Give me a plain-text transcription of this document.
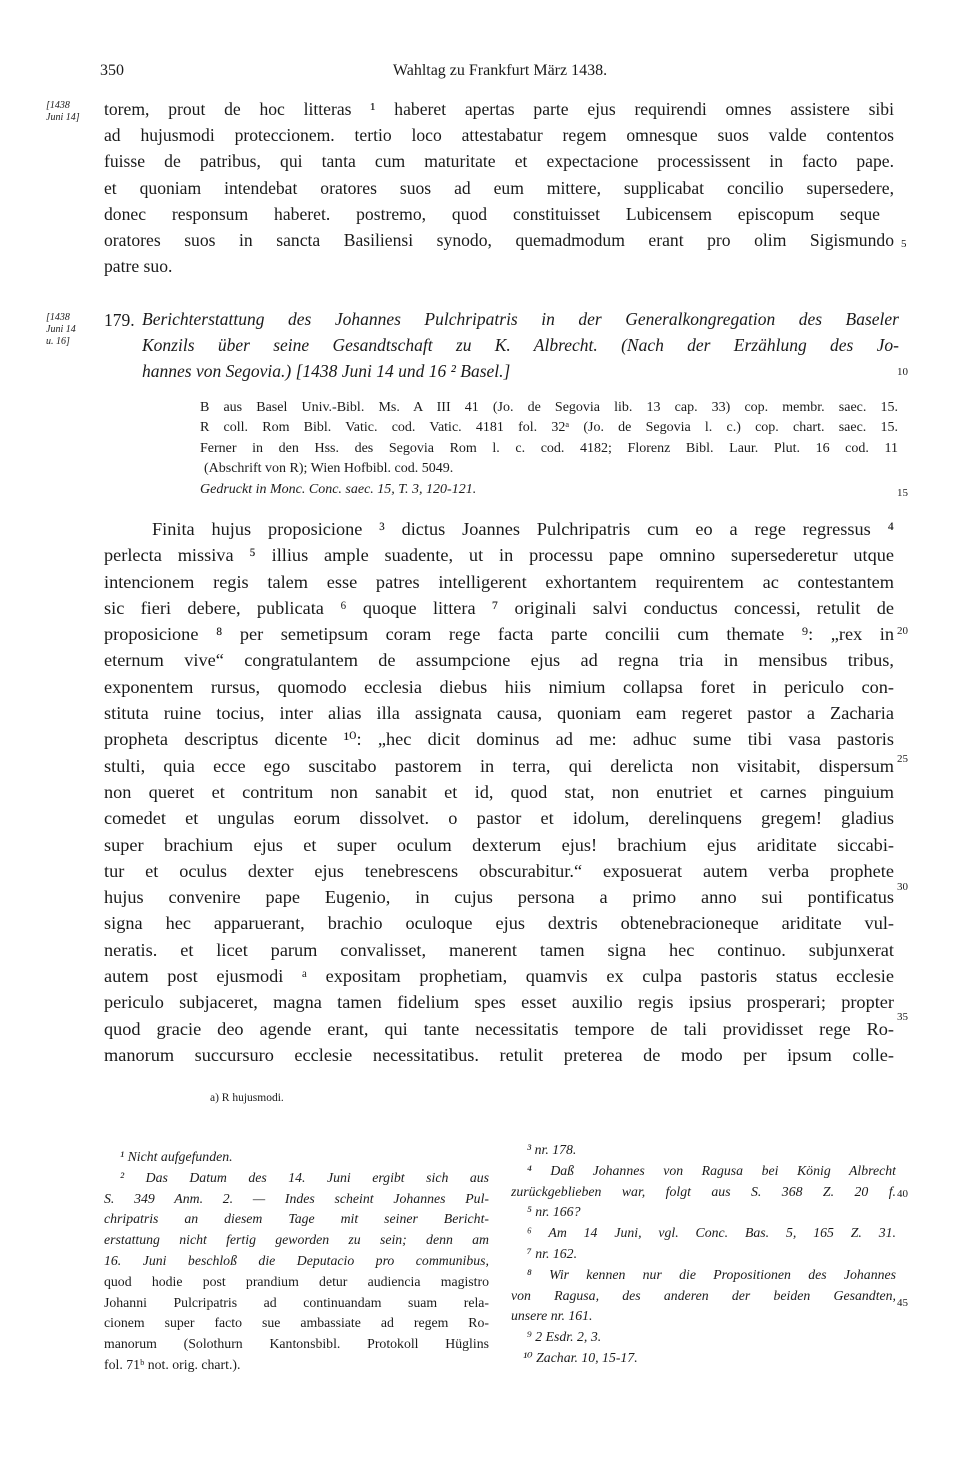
350	Wahltag zu Frankfurt März 1438.
[1438
Juni 14]	torem, prout de hoc litteras ¹ haberet apertas parte ejus requirendi omnes assistere sibi
ad hujusmodi proteccionem. tertio loco attestabatur regem omnesque suos valde contentos
fuisse de patribus, qui tanta cum maturitate et expectacione processissent in facto pape.
et quoniam intendebat oratores suos ad eum mittere, supplicabat concilio supersedere,
donec responsum haberet. postremo, quod constituisset Lubicensem episcopum seque
oratores suos in sancta Basiliensi synodo, quemadmodum erant pro olim Sigismundo
patre suo.
5
10
15
20
25
30
35
40
45
[1438
Juni 14
u. 16]
179. Berichterstattung des Johannes Pulchripatris in der Generalkongregation des Baseler
Konzils über seine Gesandtschaft zu K. Albrecht. (Nach der Erzählung des Jo-
hannes von Segovia.) [1438 Juni 14 und 16 ² Basel.]
B aus Basel Univ.-Bibl. Ms. A III 41 (Jo. de Segovia lib. 13 cap. 33) cop. membr. saec. 15.
R coll. Rom Bibl. Vatic. cod. Vatic. 4181 fol. 32ᵃ (Jo. de Segovia l. c.) cop. chart. saec. 15.
Ferner in den Hss. des Segovia Rom l. c. cod. 4182; Florenz Bibl. Laur. Plut. 16 cod. 11
(Abschrift von R); Wien Hofbibl. cod. 5049.
Gedruckt in Monc. Conc. saec. 15, T. 3, 120-121.
Finita hujus proposicione ³ dictus Joannes Pulchripatris cum eo a rege regressus ⁴
perlecta missiva ⁵ illius ample suadente, ut in processu pape omnino supersederetur utque
intencionem regis talem esse patres intelligerent exhortantem requirentem ac contestantem
sic fieri debere, publicata ⁶ quoque littera ⁷ originali salvi conductus concessi, retulit de
proposicione ⁸ per semetipsum coram rege facta parte concilii cum themate ⁹: „rex in
eternum vive“ congratulantem de assumpcione ejus ad regna tria in mensibus tribus,
exponentem rursus, quomodo ecclesia diebus hiis nimium collapsa foret in periculo con-
stituta ruine tocius, inter alias illa assignata causa, quoniam eam regeret pastor a Zacharia
propheta descriptus dicente ¹⁰: „hec dicit dominus ad me: adhuc sume tibi vasa pastoris
stulti, quia ecce ego suscitabo pastorem in terra, qui derelicta non visitabit, dispersum
non queret et contritum non sanabit et id, quod stat, non enutriet et carnes pinguium
comedet et ungulas eorum dissolvet. o pastor et idolum, derelinquens gregem! gladius
super brachium ejus et super oculum dexterum ejus! brachium ejus ariditate siccabi-
tur et oculus dexter ejus tenebrescens obscurabitur.“ exposuerat autem verba prophete
hujus convenire pape Eugenio, in cujus persona a primo anno sui pontificatus
signa hec apparuerant, brachio oculoque ejus dextris obtenebracioneque ariditate vul-
neratis. et licet parum convalisset, manerent tamen signa hec continuo. subjunxerat
autem post ejusmodi ᵃ expositam prophetiam, quamvis ex culpa pastoris status ecclesie
periculo subjaceret, magna tamen fidelium spes esset auxilio regis ipsius prosperari; propter
quod gracie deo agende erant, qui tante necessitatis tempore de tali providisset rege Ro-
manorum succursuro ecclesie necessitatibus. retulit preterea de modo per ipsum colle-
a) R hujusmodi.
¹ Nicht aufgefunden.
² Das Datum des 14. Juni ergibt sich aus
S. 349 Anm. 2. — Indes scheint Johannes Pul-
chripatris an diesem Tage mit seiner Bericht-
erstattung nicht fertig geworden zu sein; denn am
16. Juni beschloß die Deputacio pro communibus,
quod hodie post prandium detur audiencia magistro
Johanni Pulcripatris ad continuandam suam rela-
cionem super facto sue ambassiate ad regem Ro-
manorum (Solothurn Kantonsbibl. Protokoll Hüglins
fol. 71ᵇ not. orig. chart.).
³ nr. 178.
⁴ Daß Johannes von Ragusa bei König Albrecht
zurückgeblieben war, folgt aus S. 368 Z. 20 f.
⁵ nr. 166?
⁶ Am 14 Juni, vgl. Conc. Bas. 5, 165 Z. 31.
⁷ nr. 162.
⁸ Wir kennen nur die Propositionen des Johannes
von Ragusa, des anderen der beiden Gesandten,
unsere nr. 161.
⁹ 2 Esdr. 2, 3.
¹⁰ Zachar. 10, 15-17.
